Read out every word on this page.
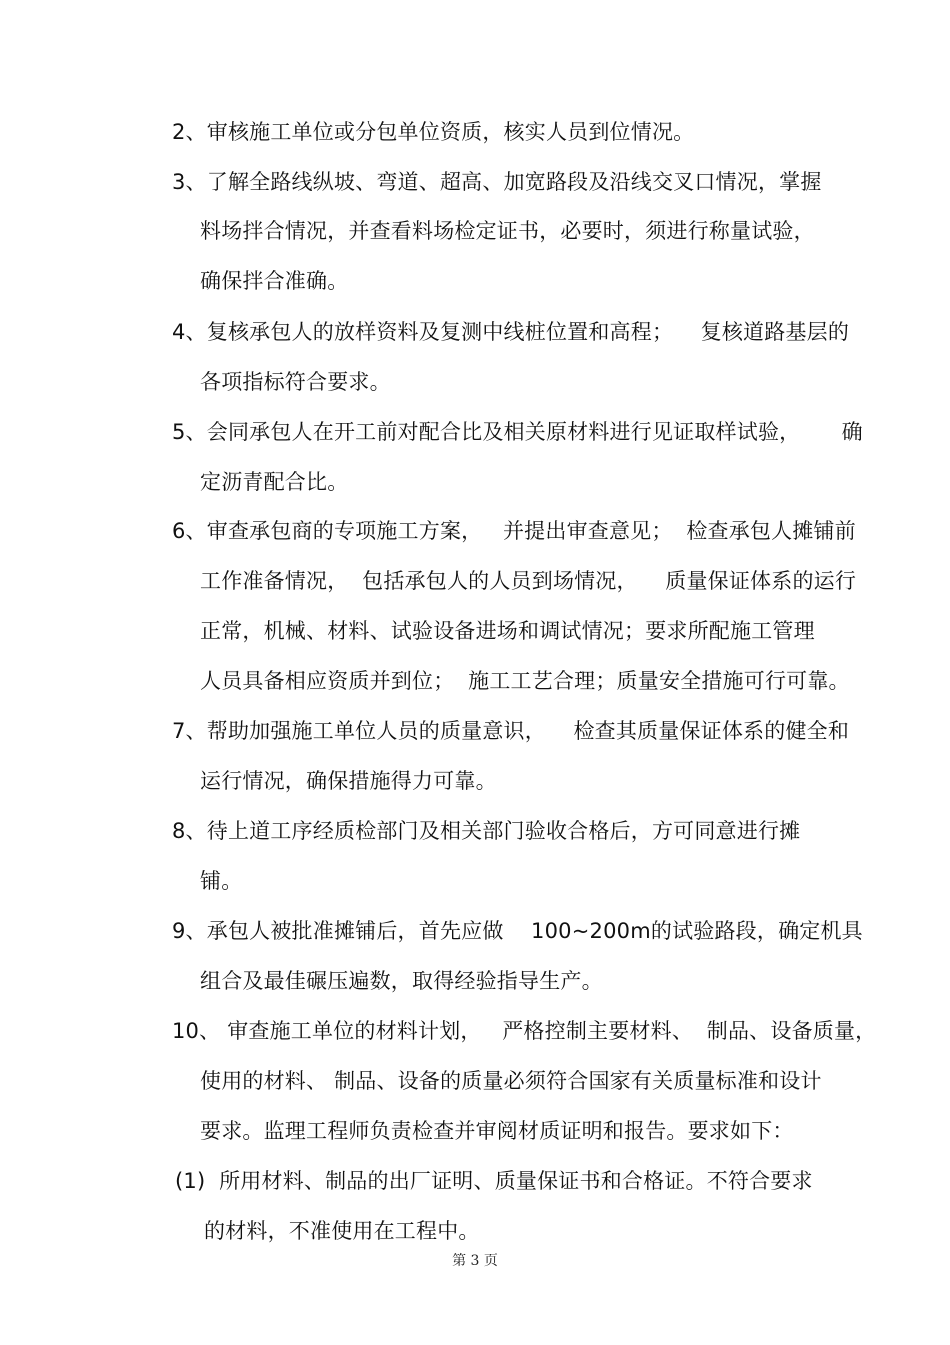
2、审核施工单位或分包单位资质，核实人员到位情况。
3、了解全路线纵坡、弯道、超高、加宽路段及沿线交叉口情况，掌握
料场拌合情况，并查看料场检定证书，必要时，须进行称量试验，
确保拌合准确。
4、复核承包人的放样资料及复测中线桩位置和高程；    复核道路基层的
各项指标符合要求。
5、会同承包人在开工前对配合比及相关原材料进行见证取样试验，      确
定沥青配合比。
6、审查承包商的专项施工方案，   并提出审查意见；  检查承包人摊铺前
工作准备情况，  包括承包人的人员到场情况，    质量保证体系的运行
正常，机械、材料、试验设备进场和调试情况；要求所配施工管理
人员具备相应资质并到位；  施工工艺合理；质量安全措施可行可靠。
7、帮助加强施工单位人员的质量意识，    检查其质量保证体系的健全和
运行情况，确保措施得力可靠。
8、待上道工序经质检部门及相关部门验收合格后，方可同意进行摊
铺。
9、承包人被批准摊铺后，首先应做    100~200m的试验路段，确定机具
组合及最佳碾压遍数，取得经验指导生产。
10、 审查施工单位的材料计划，   严格控制主要材料、  制品、设备质量，
使用的材料、 制品、设备的质量必须符合国家有关质量标准和设计
要求。监理工程师负责检查并审阅材质证明和报告。要求如下：
(1)  所用材料、制品的出厂证明、质量保证书和合格证。不符合要求
的材料，不准使用在工程中。
第 3 页
